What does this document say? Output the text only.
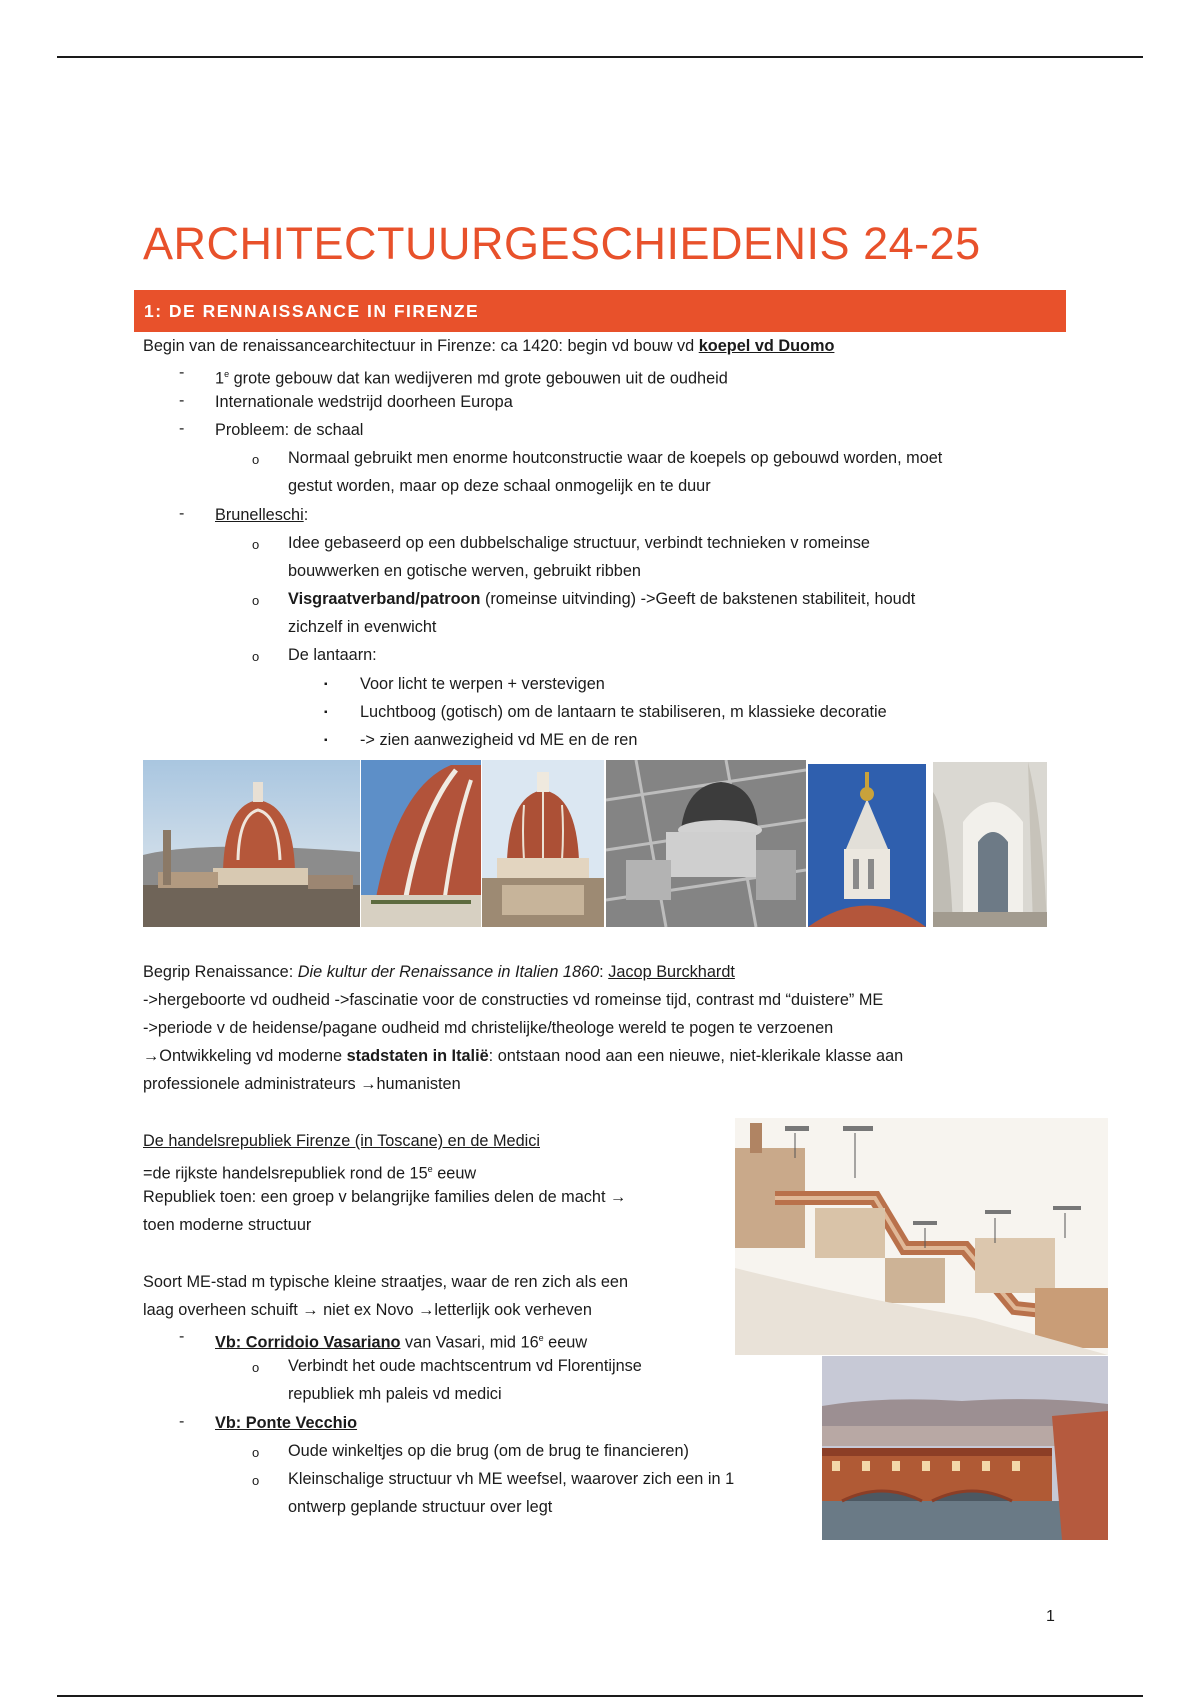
ARCHITECTUURGESCHIEDENIS 24-25
1: DE RENNAISSANCE IN FIRENZE
Begin van de renaissancearchitectuur in Firenze: ca 1420: begin vd bouw vd koepel vd Duomo
- 1e grote gebouw dat kan wedijveren md grote gebouwen uit de oudheid
- Internationale wedstrijd doorheen Europa
- Probleem: de schaal
o Normaal gebruikt men enorme houtconstructie waar de koepels op gebouwd worden, moet
gestut worden, maar op deze schaal onmogelijk en te duur
- Brunelleschi:
o Idee gebaseerd op een dubbelschalige structuur, verbindt technieken v romeinse
bouwwerken en gotische werven, gebruikt ribben
o Visgraatverband/patroon (romeinse uitvinding) ->Geeft de bakstenen stabiliteit, houdt
zichzelf in evenwicht
o De lantaarn:
▪ Voor licht te werpen + verstevigen
▪ Luchtboog (gotisch) om de lantaarn te stabiliseren, m klassieke decoratie
▪ -> zien aanwezigheid vd ME en de ren
Begrip Renaissance: Die kultur der Renaissance in Italien 1860: Jacop Burckhardt
->hergeboorte vd oudheid ->fascinatie voor de constructies vd romeinse tijd, contrast md “duistere” ME
->periode v de heidense/pagane oudheid md christelijke/theologe wereld te pogen te verzoenen
→Ontwikkeling vd moderne stadstaten in Italië: ontstaan nood aan een nieuwe, niet-klerikale klasse aan
professionele administrateurs →humanisten
De handelsrepubliek Firenze (in Toscane) en de Medici
=de rijkste handelsrepubliek rond de 15e eeuw
Republiek toen: een groep v belangrijke families delen de macht →
toen moderne structuur
Soort ME-stad m typische kleine straatjes, waar de ren zich als een
laag overheen schuift → niet ex Novo →letterlijk ook verheven
- Vb: Corridoio Vasariano van Vasari, mid 16e eeuw
o Verbindt het oude machtscentrum vd Florentijnse
republiek mh paleis vd medici
- Vb: Ponte Vecchio
o Oude winkeltjes op die brug (om de brug te financieren)
o Kleinschalige structuur vh ME weefsel, waarover zich een in 1
ontwerp geplande structuur over legt
1
